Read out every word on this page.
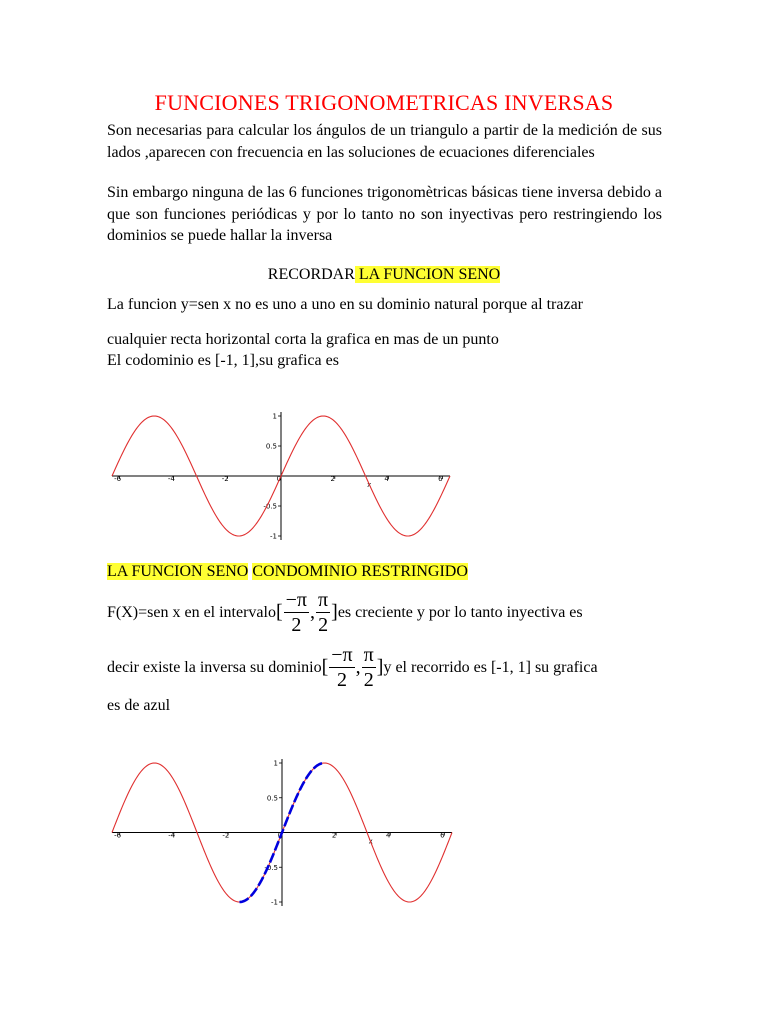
FUNCIONES TRIGONOMETRICAS INVERSAS
Son necesarias para calcular los ángulos de un triangulo a partir de la medición de sus lados ,aparecen con frecuencia en las soluciones de ecuaciones diferenciales
Sin embargo ninguna de las 6 funciones trigonomètricas básicas tiene inversa debido a que son funciones periódicas y por lo tanto no son inyectivas pero restringiendo los dominios se puede hallar la inversa
RECORDAR LA FUNCION SENO
La funcion y=sen x no es uno a uno en su dominio natural porque al trazar
cualquier recta horizontal corta la grafica en mas de un punto
El codominio es [-1, 1],su grafica es
-6	-4	-2	0	2	4	6
1
0.5
-0.5
-1
x
LA FUNCION SENO CONDOMINIO RESTRINGIDO
F(X)=sen x en el intervalo [ $\frac{-\pi}{2}$ , $\frac{\pi}{2}$ ] es creciente y por lo tanto inyectiva es
decir existe la inversa su dominio [ $\frac{-\pi}{2}$ , $\frac{\pi}{2}$ ] y el recorrido es [-1, 1] su grafica
es de azul
-6	-4	-2	0	2	4	6
1
0.5
-0.5
-1
x
